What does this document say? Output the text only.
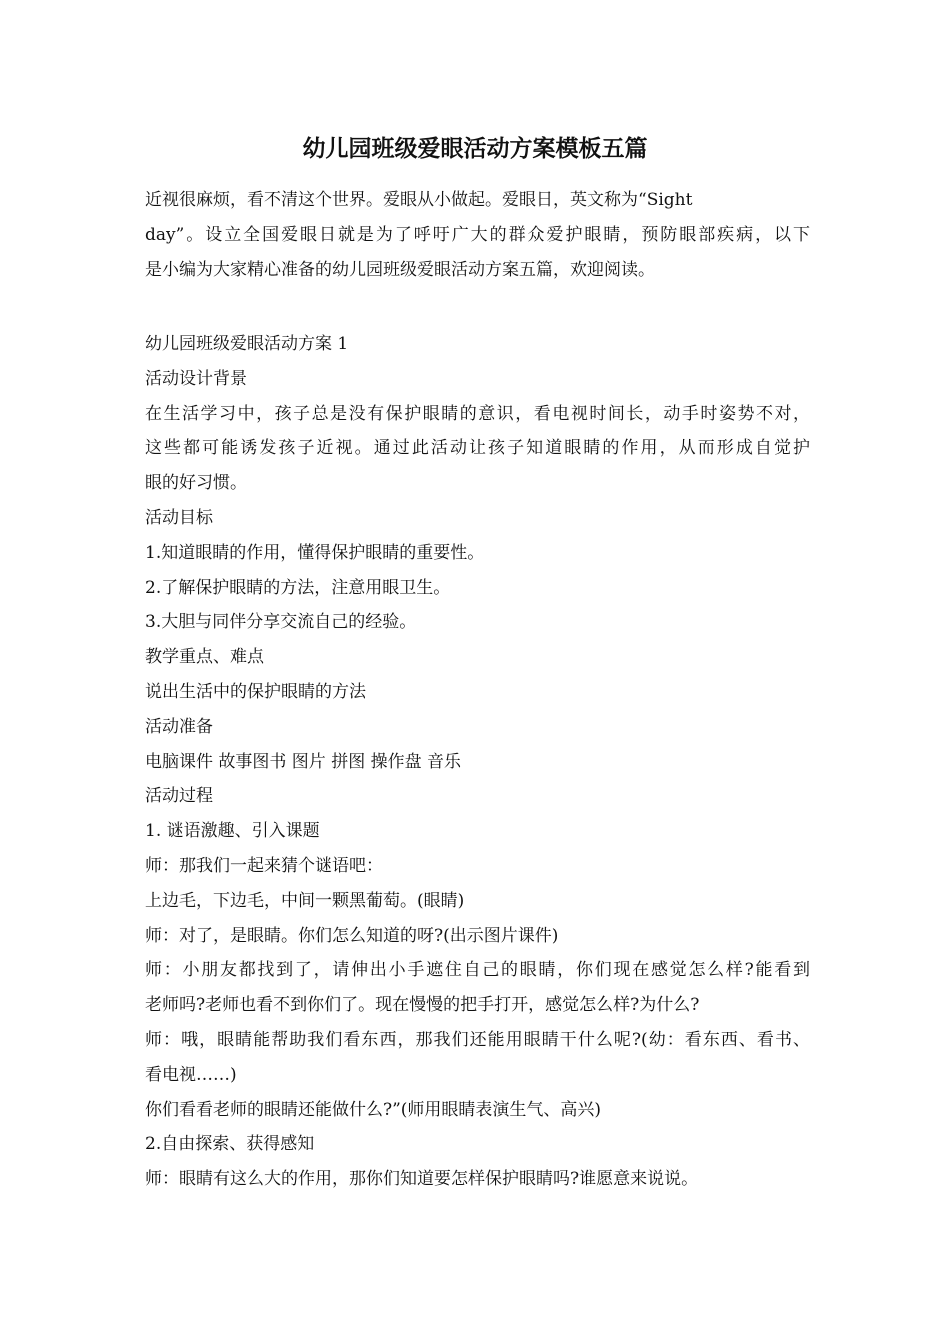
幼儿园班级爱眼活动方案模板五篇

近视很麻烦，看不清这个世界。爱眼从小做起。爱眼日，英文称为“Sight
day”。设立全国爱眼日就是为了呼吁广大的群众爱护眼睛，预防眼部疾病，以下
是小编为大家精心准备的幼儿园班级爱眼活动方案五篇，欢迎阅读。

幼儿园班级爱眼活动方案 1
活动设计背景
在生活学习中，孩子总是没有保护眼睛的意识，看电视时间长，动手时姿势不对，
这些都可能诱发孩子近视。通过此活动让孩子知道眼睛的作用，从而形成自觉护
眼的好习惯。
活动目标
1.知道眼睛的作用，懂得保护眼睛的重要性。
2.了解保护眼睛的方法，注意用眼卫生。
3.大胆与同伴分享交流自己的经验。
教学重点、难点
说出生活中的保护眼睛的方法
活动准备
电脑课件 故事图书 图片 拼图 操作盘 音乐
活动过程
1. 谜语激趣、引入课题
师：那我们一起来猜个谜语吧：
上边毛，下边毛，中间一颗黑葡萄。(眼睛)
师：对了，是眼睛。你们怎么知道的呀?(出示图片课件)
师：小朋友都找到了，请伸出小手遮住自己的眼睛，你们现在感觉怎么样?能看到
老师吗?老师也看不到你们了。现在慢慢的把手打开，感觉怎么样?为什么?
师：哦，眼睛能帮助我们看东西，那我们还能用眼睛干什么呢?(幼：看东西、看书、
看电视……)
你们看看老师的眼睛还能做什么?”(师用眼睛表演生气、高兴)
2.自由探索、获得感知
师：眼睛有这么大的作用，那你们知道要怎样保护眼睛吗?谁愿意来说说。
